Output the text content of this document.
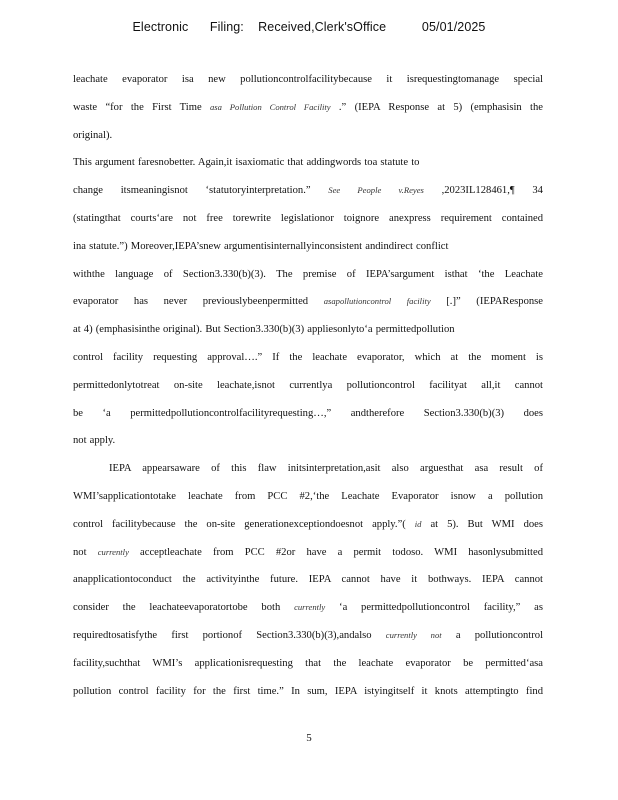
Electronic Filing: Received,Clerk'sOffice	05/01/2025
leachate evaporator isa new pollutioncontrolfacilitybecause it isrequestingtomanage special
waste “for the First Time asa Pollution Control Facility .” (IEPA Response at 5) (emphasisin the
original).
This argument faresnobetter. Again,it isaxiomatic that addingwords toa statute to
change itsmeaningisnot ‘statutoryinterpretation.” See People v.Reyes ,2023IL128461,¶ 34
(statingthat courts‘are not free torewrite legislationor toignore anexpress requirement contained
ina statute.”) Moreover,IEPA’snew argumentisinternallyinconsistent andindirect conflict
withthe language of Section3.330(b)(3). The premise of IEPA’sargument isthat ‘the Leachate
evaporator has never previouslybeenpermitted asapollutioncontrol facility [.]” (IEPAResponse
at 4) (emphasisinthe original). But Section3.330(b)(3) appliesonlyto‘a permittedpollution
control facility requesting approval….” If the leachate evaporator, which at the moment is
permittedonlytotreat on-site leachate,isnot currentlya pollutioncontrol facilityat all,it cannot
be ‘a permittedpollutioncontrolfacilityrequesting…,” andtherefore Section3.330(b)(3) does
not apply.
IEPA appearsaware of this flaw initsinterpretation,asit also arguesthat asa result of
WMI’sapplicationtotake leachate from PCC #2,‘the Leachate Evaporator isnow a pollution
control facilitybecause the on-site generationexceptiondoesnot apply.”( id at 5). But WMI does
not currently acceptleachate from PCC #2or have a permit todoso. WMI hasonlysubmitted
anapplicationtoconduct the activityinthe future. IEPA cannot have it bothways. IEPA cannot
consider the leachateevaporatortobe both currently ‘a permittedpollutioncontrol facility,” as
requiredtosatisfythe first portionof Section3.330(b)(3),andalso currently not a pollutioncontrol
facility,suchthat WMI’s applicationisrequesting that the leachate evaporator be permitted‘asa
pollution control facility for the first time.” In sum, IEPA istyingitself it knots attemptingto find
5
